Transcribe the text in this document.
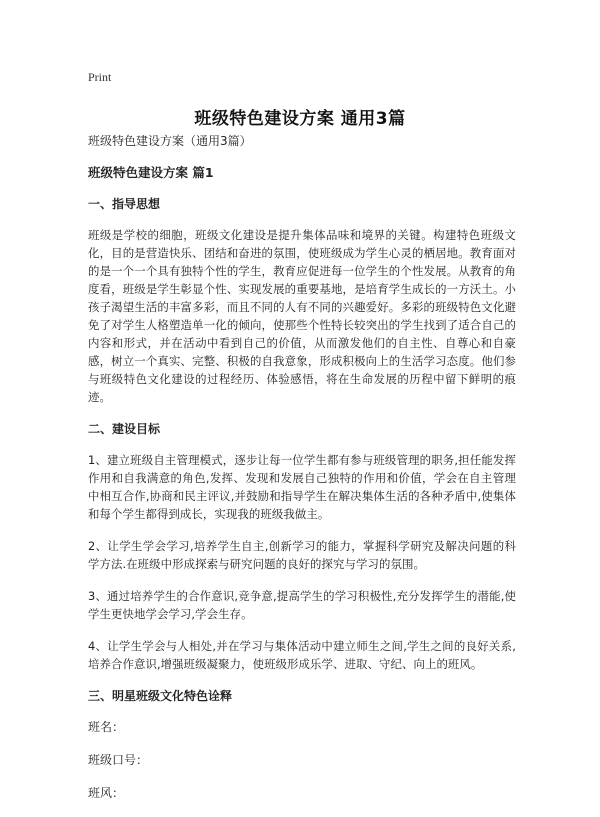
Print
班级特色建设方案 通用3篇
班级特色建设方案（通用3篇）
班级特色建设方案 篇1
一、指导思想

班级是学校的细胞，班级文化建设是提升集体品味和境界的关键。构建特色班级文化，目的是营造快乐、团结和奋进的氛围，使班级成为学生心灵的栖居地。教育面对的是一个一个具有独特个性的学生，教育应促进每一位学生的个性发展。从教育的角度看，班级是学生彰显个性、实现发展的重要基地，是培育学生成长的一方沃土。小孩子渴望生活的丰富多彩，而且不同的人有不同的兴趣爱好。多彩的班级特色文化避免了对学生人格塑造单一化的倾向，使那些个性特长较突出的学生找到了适合自己的内容和形式，并在活动中看到自己的价值，从而激发他们的自主性、自尊心和自豪感，树立一个真实、完整、积极的自我意象，形成积极向上的生活学习态度。他们参与班级特色文化建设的过程经历、体验感悟，将在生命发展的历程中留下鲜明的痕迹。

二、建设目标

1、建立班级自主管理模式，逐步让每一位学生都有参与班级管理的职务,担任能发挥作用和自我满意的角色,发挥、发现和发展自己独特的作用和价值，学会在自主管理中相互合作,协商和民主评议,并鼓励和指导学生在解决集体生活的各种矛盾中,使集体和每个学生都得到成长，实现我的班级我做主。

2、让学生学会学习,培养学生自主,创新学习的能力，掌握科学研究及解决问题的科学方法.在班级中形成探索与研究问题的良好的探究与学习的氛围。

3、通过培养学生的合作意识,竞争意,提高学生的学习积极性,充分发挥学生的潜能,使学生更快地学会学习,学会生存。

4、让学生学会与人相处,并在学习与集体活动中建立师生之间,学生之间的良好关系,培养合作意识,增强班级凝聚力，使班级形成乐学、进取、守纪、向上的班风。

三、明星班级文化特色诠释
班名：
班级口号：
班风：
